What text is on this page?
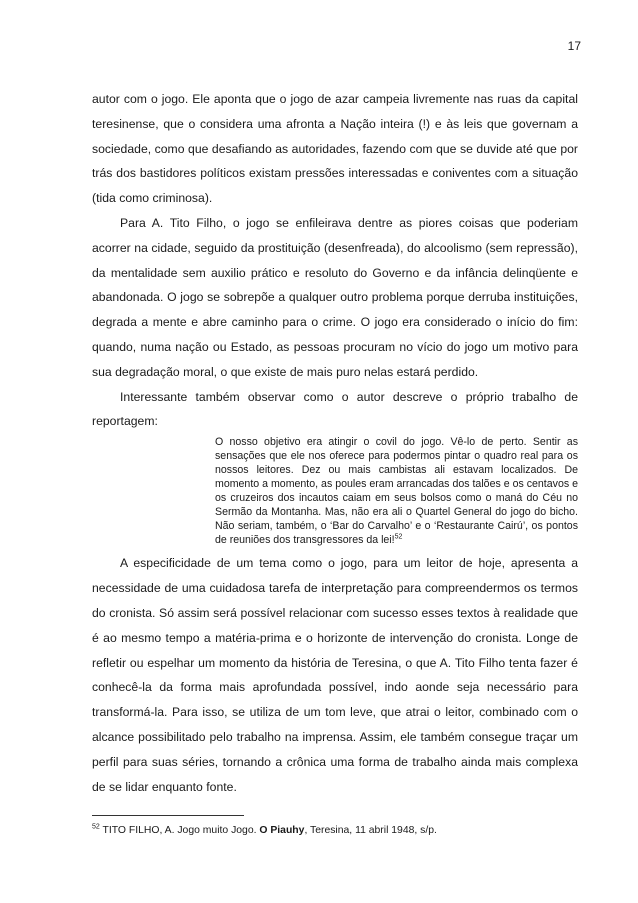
17

autor com o jogo. Ele aponta que o jogo de azar campeia livremente nas ruas da capital teresinense, que o considera uma afronta a Nação inteira (!) e às leis que governam a sociedade, como que desafiando as autoridades, fazendo com que se duvide até que por trás dos bastidores políticos existam pressões interessadas e coniventes com a situação (tida como criminosa).

Para A. Tito Filho, o jogo se enfileirava dentre as piores coisas que poderiam acorrer na cidade, seguido da prostituição (desenfreada), do alcoolismo (sem repressão), da mentalidade sem auxilio prático e resoluto do Governo e da infância delinqüente e abandonada. O jogo se sobrepõe a qualquer outro problema porque derruba instituições, degrada a mente e abre caminho para o crime. O jogo era considerado o início do fim: quando, numa nação ou Estado, as pessoas procuram no vício do jogo um motivo para sua degradação moral, o que existe de mais puro nelas estará perdido.

Interessante também observar como o autor descreve o próprio trabalho de reportagem:

O nosso objetivo era atingir o covil do jogo. Vê-lo de perto. Sentir as sensações que ele nos oferece para podermos pintar o quadro real para os nossos leitores. Dez ou mais cambistas ali estavam localizados. De momento a momento, as poules eram arrancadas dos talões e os centavos e os cruzeiros dos incautos caiam em seus bolsos como o maná do Céu no Sermão da Montanha. Mas, não era ali o Quartel General do jogo do bicho. Não seriam, também, o ‘Bar do Carvalho’ e o ‘Restaurante Cairú’, os pontos de reuniões dos transgressores da lei!$^{52}$

A especificidade de um tema como o jogo, para um leitor de hoje, apresenta a necessidade de uma cuidadosa tarefa de interpretação para compreendermos os termos do cronista. Só assim será possível relacionar com sucesso esses textos à realidade que é ao mesmo tempo a matéria-prima e o horizonte de intervenção do cronista. Longe de refletir ou espelhar um momento da história de Teresina, o que A. Tito Filho tenta fazer é conhecê-la da forma mais aprofundada possível, indo aonde seja necessário para transformá-la. Para isso, se utiliza de um tom leve, que atrai o leitor, combinado com o alcance possibilitado pelo trabalho na imprensa. Assim, ele também consegue traçar um perfil para suas séries, tornando a crônica uma forma de trabalho ainda mais complexa de se lidar enquanto fonte.

$^{52}$ TITO FILHO, A. Jogo muito Jogo. O Piauhy, Teresina, 11 abril 1948, s/p.
